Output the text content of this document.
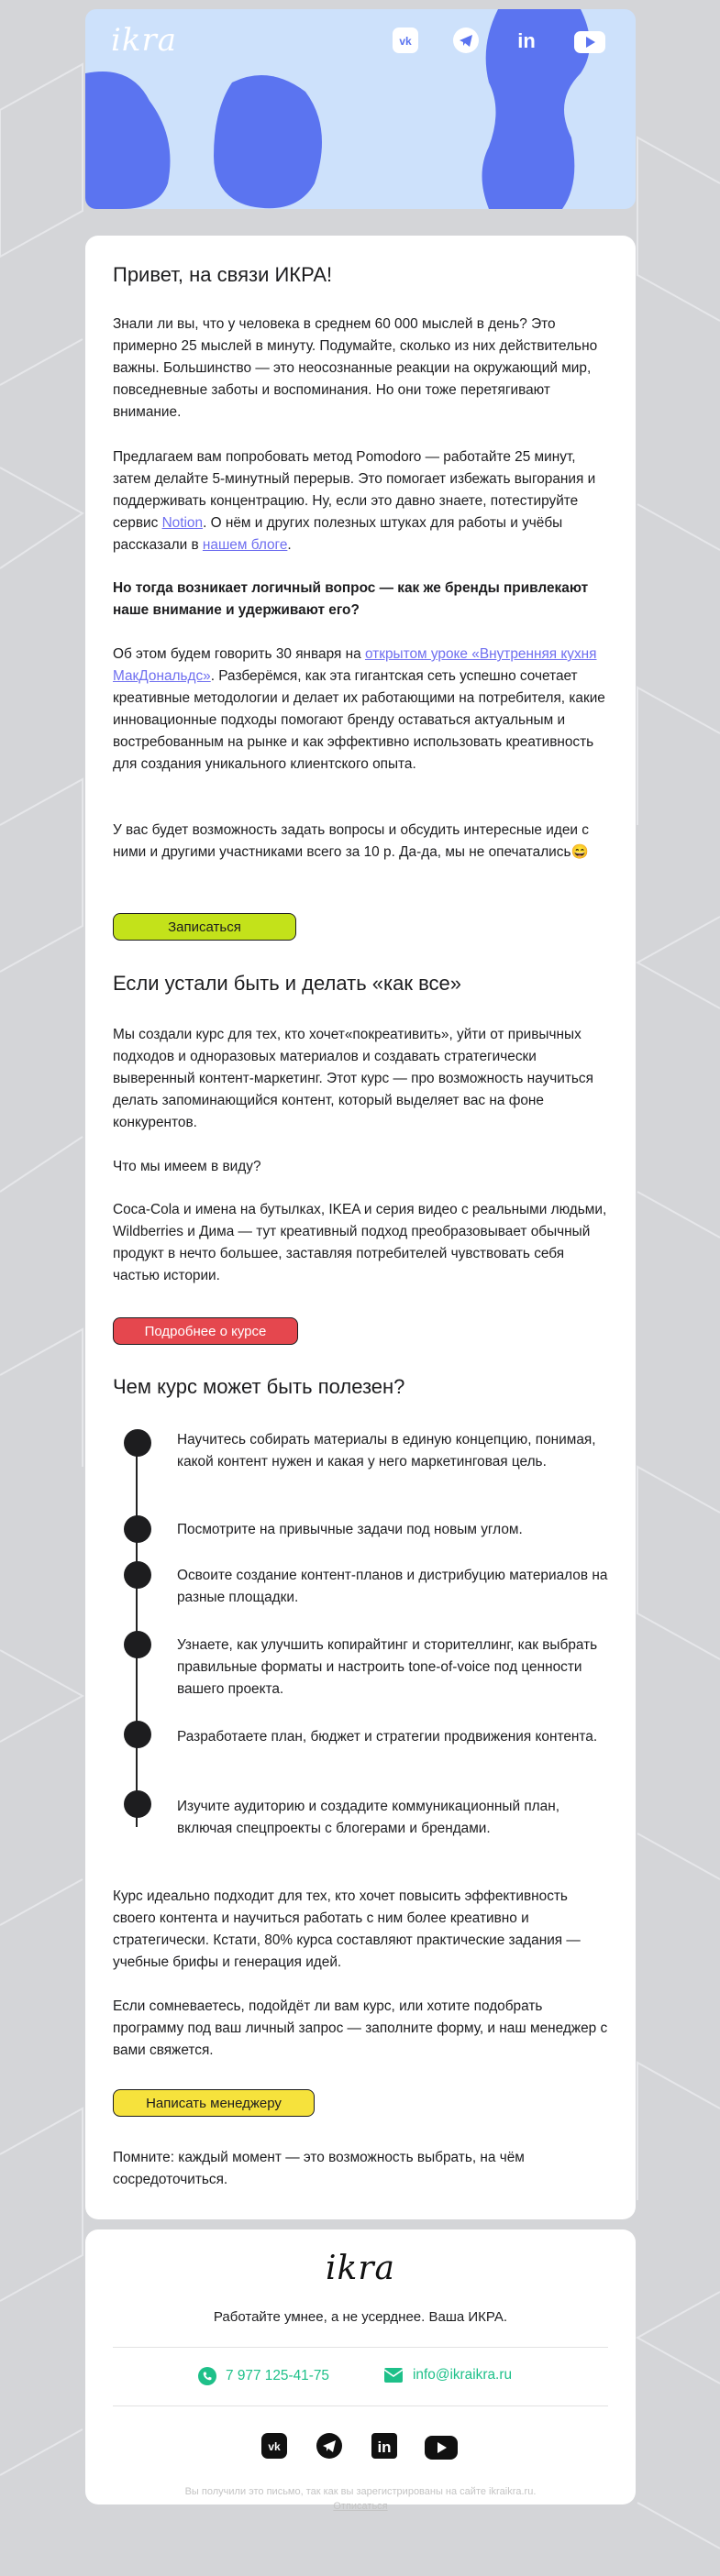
ikra	vk	in
Привет, на связи ИКРА!

Знали ли вы, что у человека в среднем 60 000 мыслей в день? Это примерно 25 мыслей в минуту. Подумайте, сколько из них действительно важны. Большинство — это неосознанные реакции на окружающий мир, повседневные заботы и воспоминания. Но они тоже перетягивают внимание.

Предлагаем вам попробовать метод Pomodoro — работайте 25 минут, затем делайте 5-минутный перерыв. Это помогает избежать выгорания и поддерживать концентрацию. Ну, если это давно знаете, потестируйте сервис Notion. О нём и других полезных штуках для работы и учёбы рассказали в нашем блоге.

Но тогда возникает логичный вопрос — как же бренды привлекают наше внимание и удерживают его?

Об этом будем говорить 30 января на открытом уроке «Внутренняя кухня МакДональдс». Разберёмся, как эта гигантская сеть успешно сочетает креативные методологии и делает их работающими на потребителя, какие инновационные подходы помогают бренду оставаться актуальным и востребованным на рынке и как эффективно использовать креативность для создания уникального клиентского опыта.

У вас будет возможность задать вопросы и обсудить интересные идеи с ними и другими участниками всего за 10 р. Да-да, мы не опечатались😄

Записаться
Если устали быть и делать «как все»

Мы создали курс для тех, кто хочет«покреативить», уйти от привычных подходов и одноразовых материалов и создавать стратегически выверенный контент-маркетинг. Этот курс — про возможность научиться делать запоминающийся контент, который выделяет вас на фоне конкурентов.

Что мы имеем в виду?

Coca-Cola и имена на бутылках, IKEA и серия видео с реальными людьми, Wildberries и Дима — тут креативный подход преобразовывает обычный продукт в нечто большее, заставляя потребителей чувствовать себя частью истории.

Подробнее о курсе
Чем курс может быть полезен?
Научитесь собирать материалы в единую концепцию, понимая, какой контент нужен и какая у него маркетинговая цель.
Посмотрите на привычные задачи под новым углом.
Освоите создание контент-планов и дистрибуцию материалов на разные площадки.
Узнаете, как улучшить копирайтинг и сторителлинг, как выбрать правильные форматы и настроить tone-of-voice под ценности вашего проекта.
Разработаете план, бюджет и стратегии продвижения контента.
Изучите аудиторию и создадите коммуникационный план, включая спецпроекты с блогерами и брендами.

Курс идеально подходит для тех, кто хочет повысить эффективность своего контента и научиться работать с ним более креативно и стратегически. Кстати, 80% курса составляют практические задания — учебные брифы и генерация идей.

Если сомневаетесь, подойдёт ли вам курс, или хотите подобрать программу под ваш личный запрос — заполните форму, и наш менеджер с вами свяжется.

Написать менеджеру

Помните: каждый момент — это возможность выбрать, на чём сосредоточиться.

ikra
Работайте умнее, а не усерднее. Ваша ИКРА.
7 977 125-41-75	info@ikraikra.ru
vk	in
Вы получили это письмо, так как вы зарегистрированы на сайте ikraikra.ru.
Отписаться
